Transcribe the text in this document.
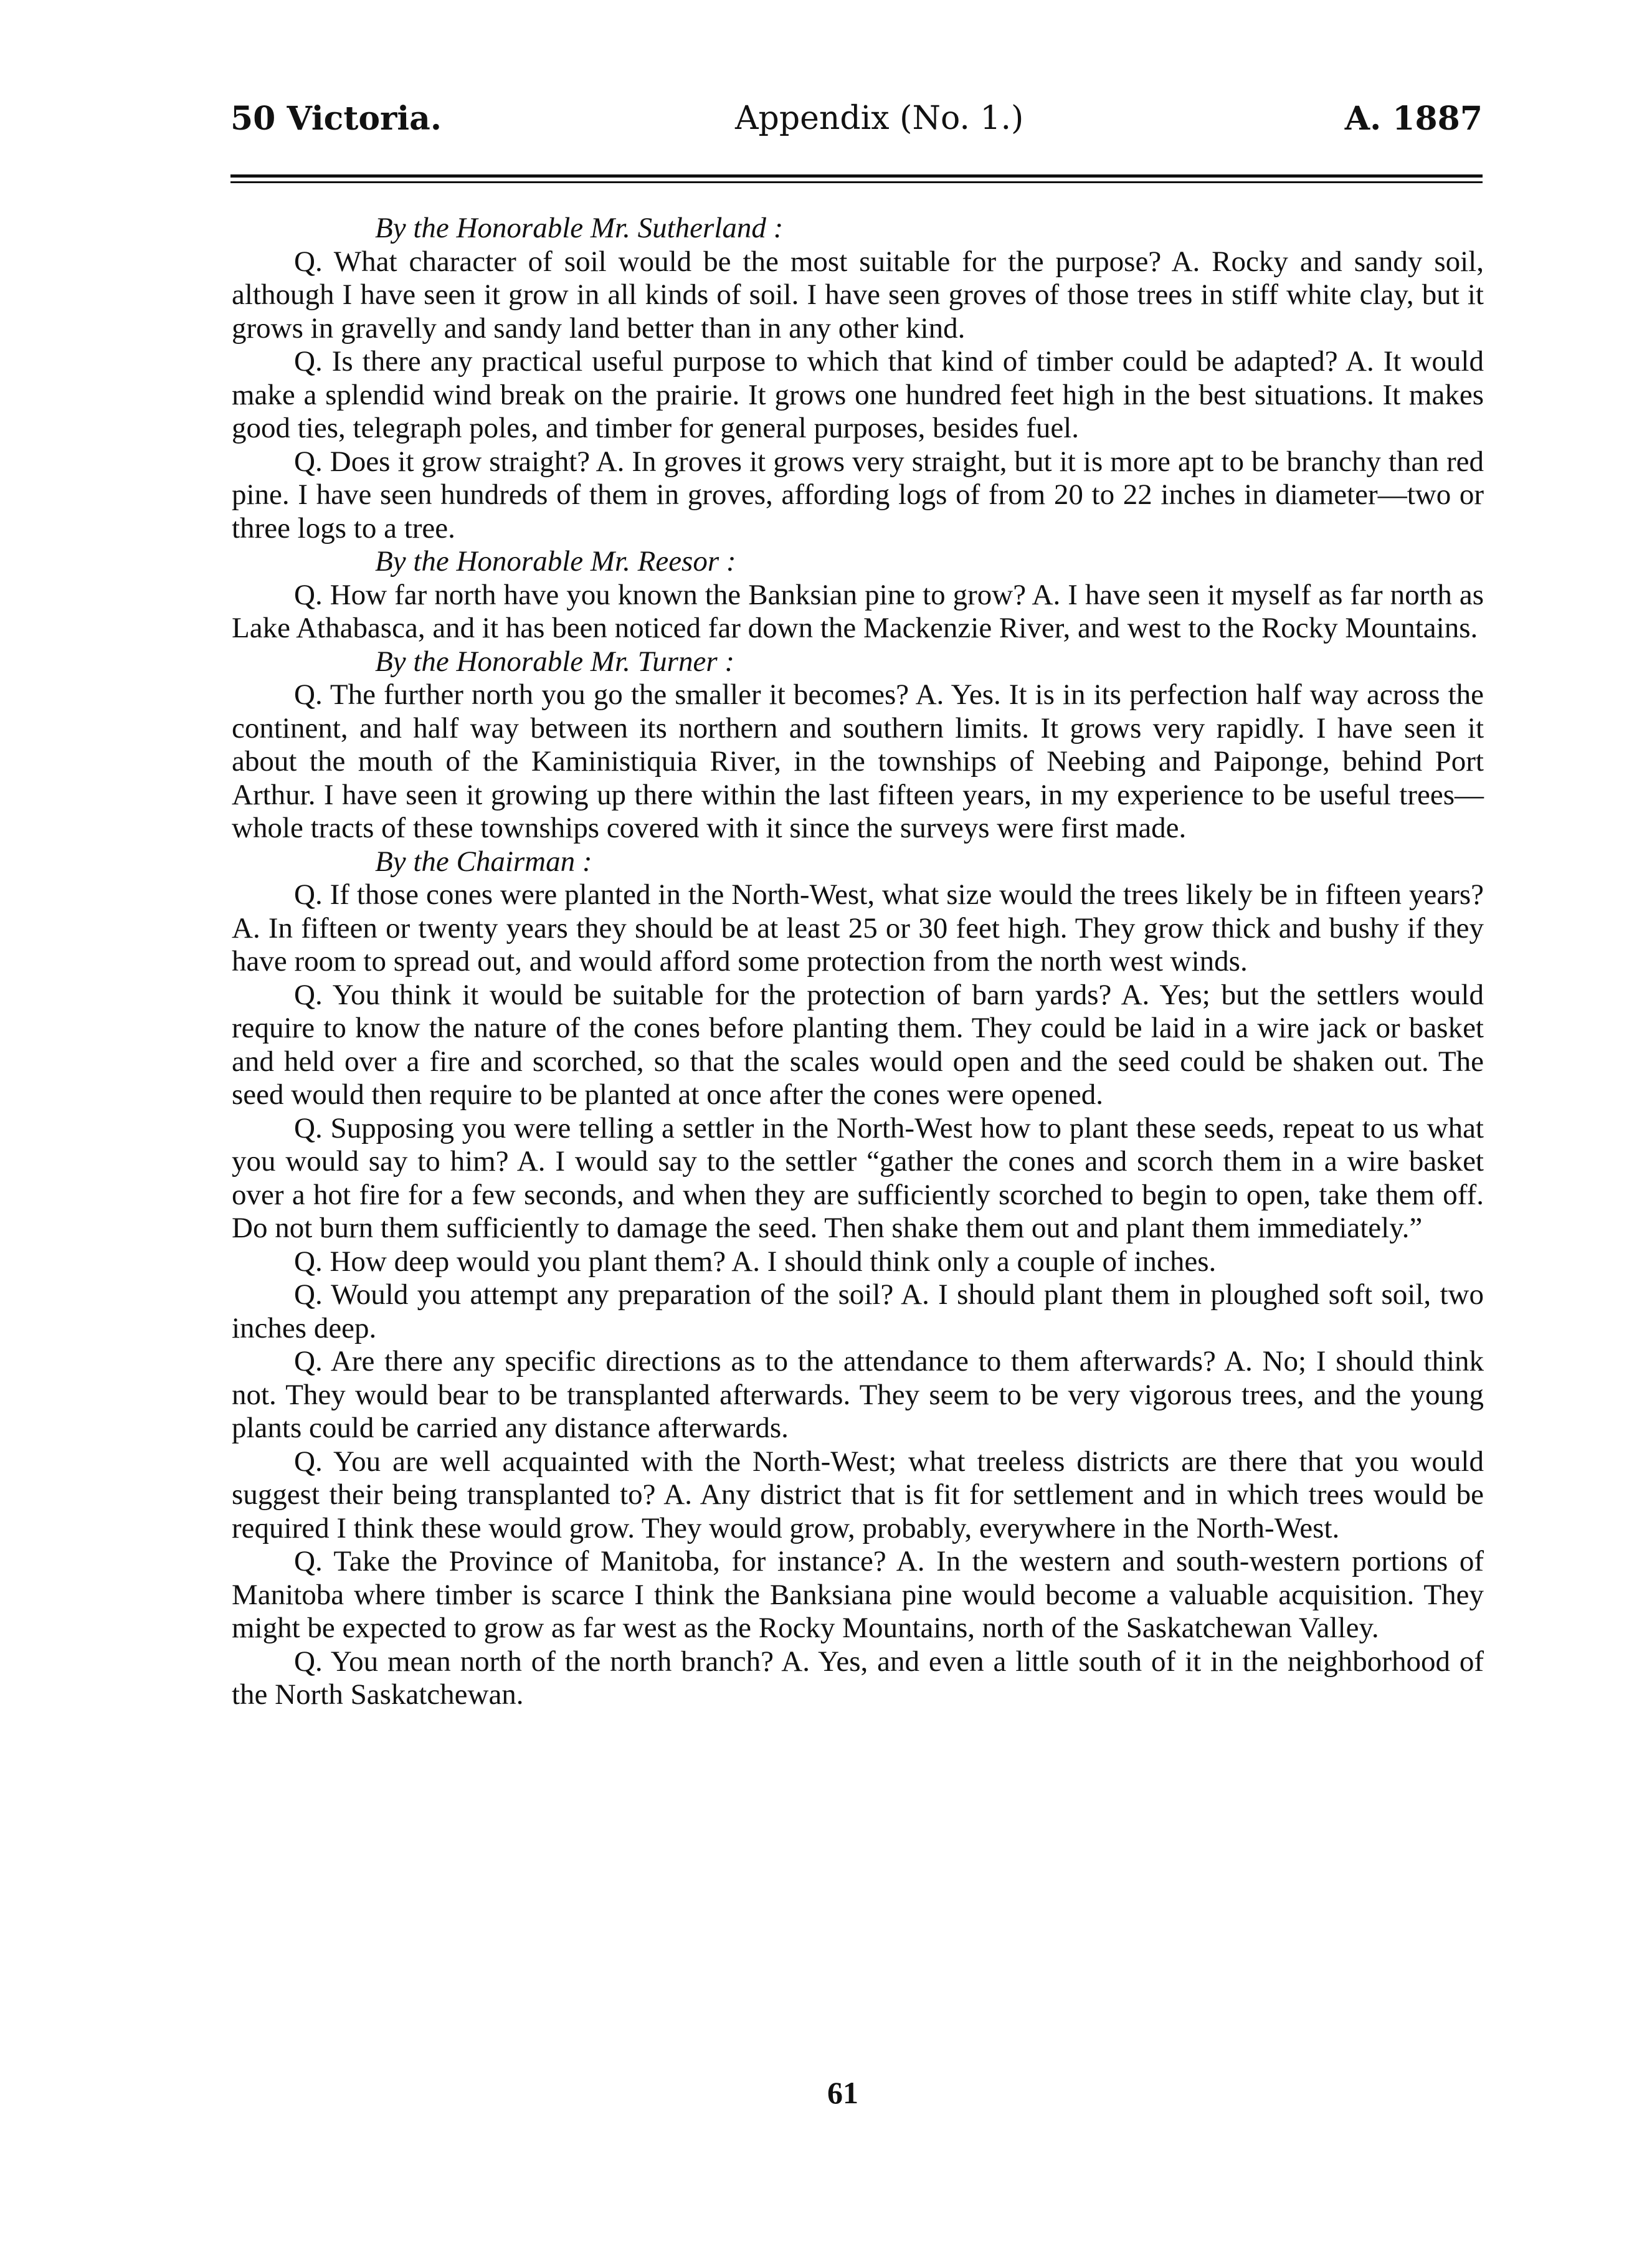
50 Victoria.	Appendix (No. 1.)	A. 1887

By the Honorable Mr. Sutherland :

Q. What character of soil would be the most suitable for the purpose? A. Rocky and sandy soil, although I have seen it grow in all kinds of soil. I have seen groves of those trees in stiff white clay, but it grows in gravelly and sandy land better than in any other kind.

Q. Is there any practical useful purpose to which that kind of timber could be adapted? A. It would make a splendid wind break on the prairie. It grows one hundred feet high in the best situations. It makes good ties, telegraph poles, and timber for general purposes, besides fuel.

Q. Does it grow straight? A. In groves it grows very straight, but it is more apt to be branchy than red pine. I have seen hundreds of them in groves, affording logs of from 20 to 22 inches in diameter—two or three logs to a tree.

By the Honorable Mr. Reesor :

Q. How far north have you known the Banksian pine to grow? A. I have seen it myself as far north as Lake Athabasca, and it has been noticed far down the Mackenzie River, and west to the Rocky Mountains.

By the Honorable Mr. Turner :

Q. The further north you go the smaller it becomes? A. Yes. It is in its perfection half way across the continent, and half way between its northern and southern limits. It grows very rapidly. I have seen it about the mouth of the Kaministiquia River, in the townships of Neebing and Paiponge, behind Port Arthur. I have seen it growing up there within the last fifteen years, in my experience to be useful trees—whole tracts of these townships covered with it since the surveys were first made.

By the Chairman :

Q. If those cones were planted in the North-West, what size would the trees likely be in fifteen years? A. In fifteen or twenty years they should be at least 25 or 30 feet high. They grow thick and bushy if they have room to spread out, and would afford some protection from the north west winds.

Q. You think it would be suitable for the protection of barn yards? A. Yes; but the settlers would require to know the nature of the cones before planting them. They could be laid in a wire jack or basket and held over a fire and scorched, so that the scales would open and the seed could be shaken out. The seed would then require to be planted at once after the cones were opened.

Q. Supposing you were telling a settler in the North-West how to plant these seeds, repeat to us what you would say to him? A. I would say to the settler “gather the cones and scorch them in a wire basket over a hot fire for a few seconds, and when they are sufficiently scorched to begin to open, take them off. Do not burn them sufficiently to damage the seed. Then shake them out and plant them immediately.”

Q. How deep would you plant them? A. I should think only a couple of inches.

Q. Would you attempt any preparation of the soil? A. I should plant them in ploughed soft soil, two inches deep.

Q. Are there any specific directions as to the attendance to them afterwards? A. No; I should think not. They would bear to be transplanted afterwards. They seem to be very vigorous trees, and the young plants could be carried any distance afterwards.

Q. You are well acquainted with the North-West; what treeless districts are there that you would suggest their being transplanted to? A. Any district that is fit for settlement and in which trees would be required I think these would grow. They would grow, probably, everywhere in the North-West.

Q. Take the Province of Manitoba, for instance? A. In the western and south-western portions of Manitoba where timber is scarce I think the Banksiana pine would become a valuable acquisition. They might be expected to grow as far west as the Rocky Mountains, north of the Saskatchewan Valley.

Q. You mean north of the north branch? A. Yes, and even a little south of it in the neighborhood of the North Saskatchewan.

61
